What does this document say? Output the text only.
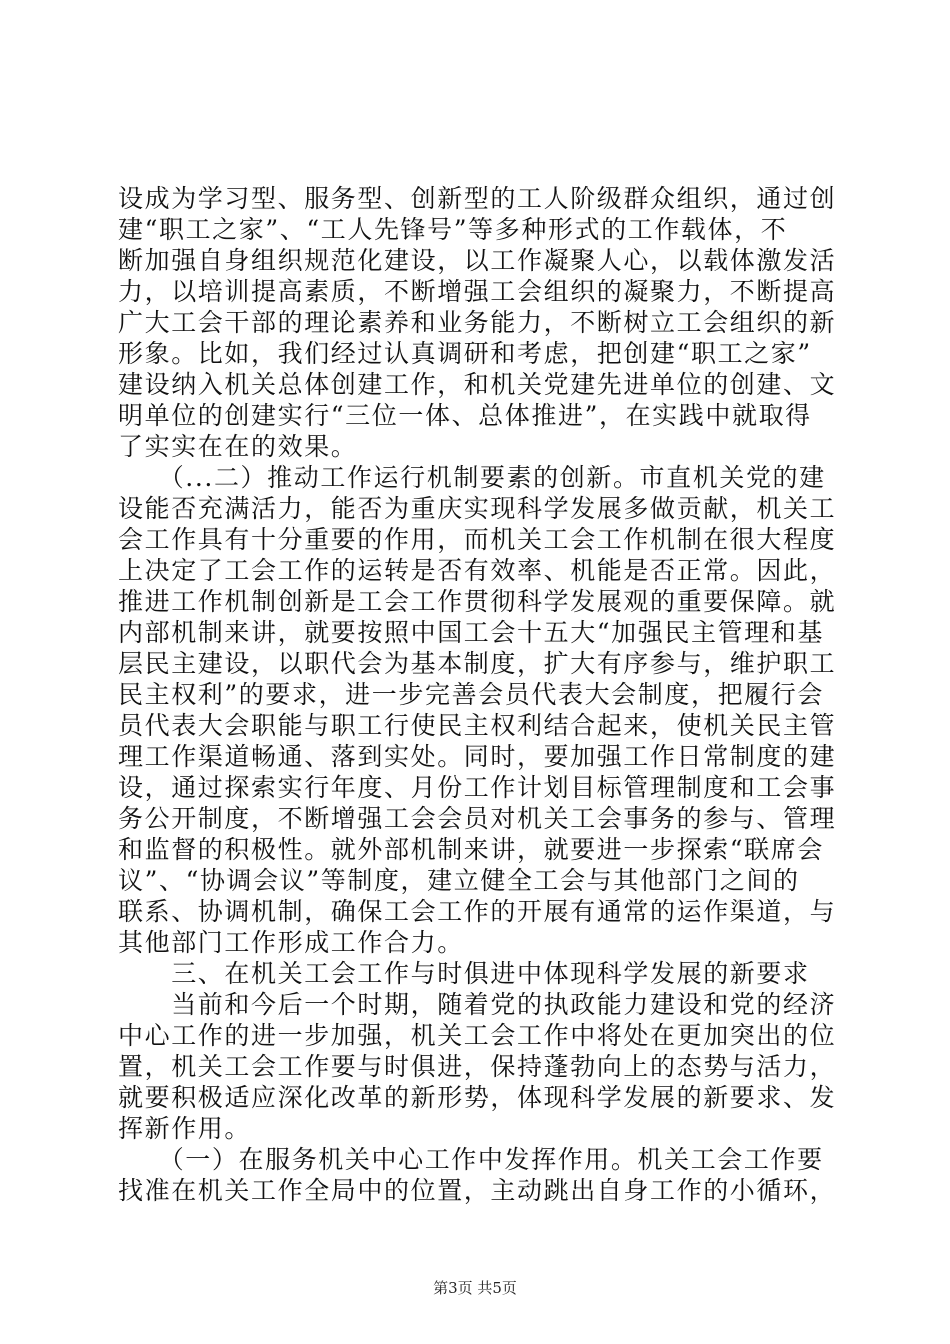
设成为学习型、服务型、创新型的工人阶级群众组织，通过创
建“职工之家”、“工人先锋号”等多种形式的工作载体，不
断加强自身组织规范化建设，以工作凝聚人心，以载体激发活
力，以培训提高素质，不断增强工会组织的凝聚力，不断提高
广大工会干部的理论素养和业务能力，不断树立工会组织的新
形象。比如，我们经过认真调研和考虑，把创建“职工之家”
建设纳入机关总体创建工作，和机关党建先进单位的创建、文
明单位的创建实行“三位一体、总体推进”，在实践中就取得
了实实在在的效果。
　　（...二）推动工作运行机制要素的创新。市直机关党的建
设能否充满活力，能否为重庆实现科学发展多做贡献，机关工
会工作具有十分重要的作用，而机关工会工作机制在很大程度
上决定了工会工作的运转是否有效率、机能是否正常。因此，
推进工作机制创新是工会工作贯彻科学发展观的重要保障。就
内部机制来讲，就要按照中国工会十五大“加强民主管理和基
层民主建设，以职代会为基本制度，扩大有序参与，维护职工
民主权利”的要求，进一步完善会员代表大会制度，把履行会
员代表大会职能与职工行使民主权利结合起来，使机关民主管
理工作渠道畅通、落到实处。同时，要加强工作日常制度的建
设，通过探索实行年度、月份工作计划目标管理制度和工会事
务公开制度，不断增强工会会员对机关工会事务的参与、管理
和监督的积极性。就外部机制来讲，就要进一步探索“联席会
议”、“协调会议”等制度，建立健全工会与其他部门之间的
联系、协调机制，确保工会工作的开展有通常的运作渠道，与
其他部门工作形成工作合力。
　　三、在机关工会工作与时俱进中体现科学发展的新要求
　　当前和今后一个时期，随着党的执政能力建设和党的经济
中心工作的进一步加强，机关工会工作中将处在更加突出的位
置，机关工会工作要与时俱进，保持蓬勃向上的态势与活力，
就要积极适应深化改革的新形势，体现科学发展的新要求、发
挥新作用。
　　（一）在服务机关中心工作中发挥作用。机关工会工作要
找准在机关工作全局中的位置，主动跳出自身工作的小循环，
第3页 共5页
